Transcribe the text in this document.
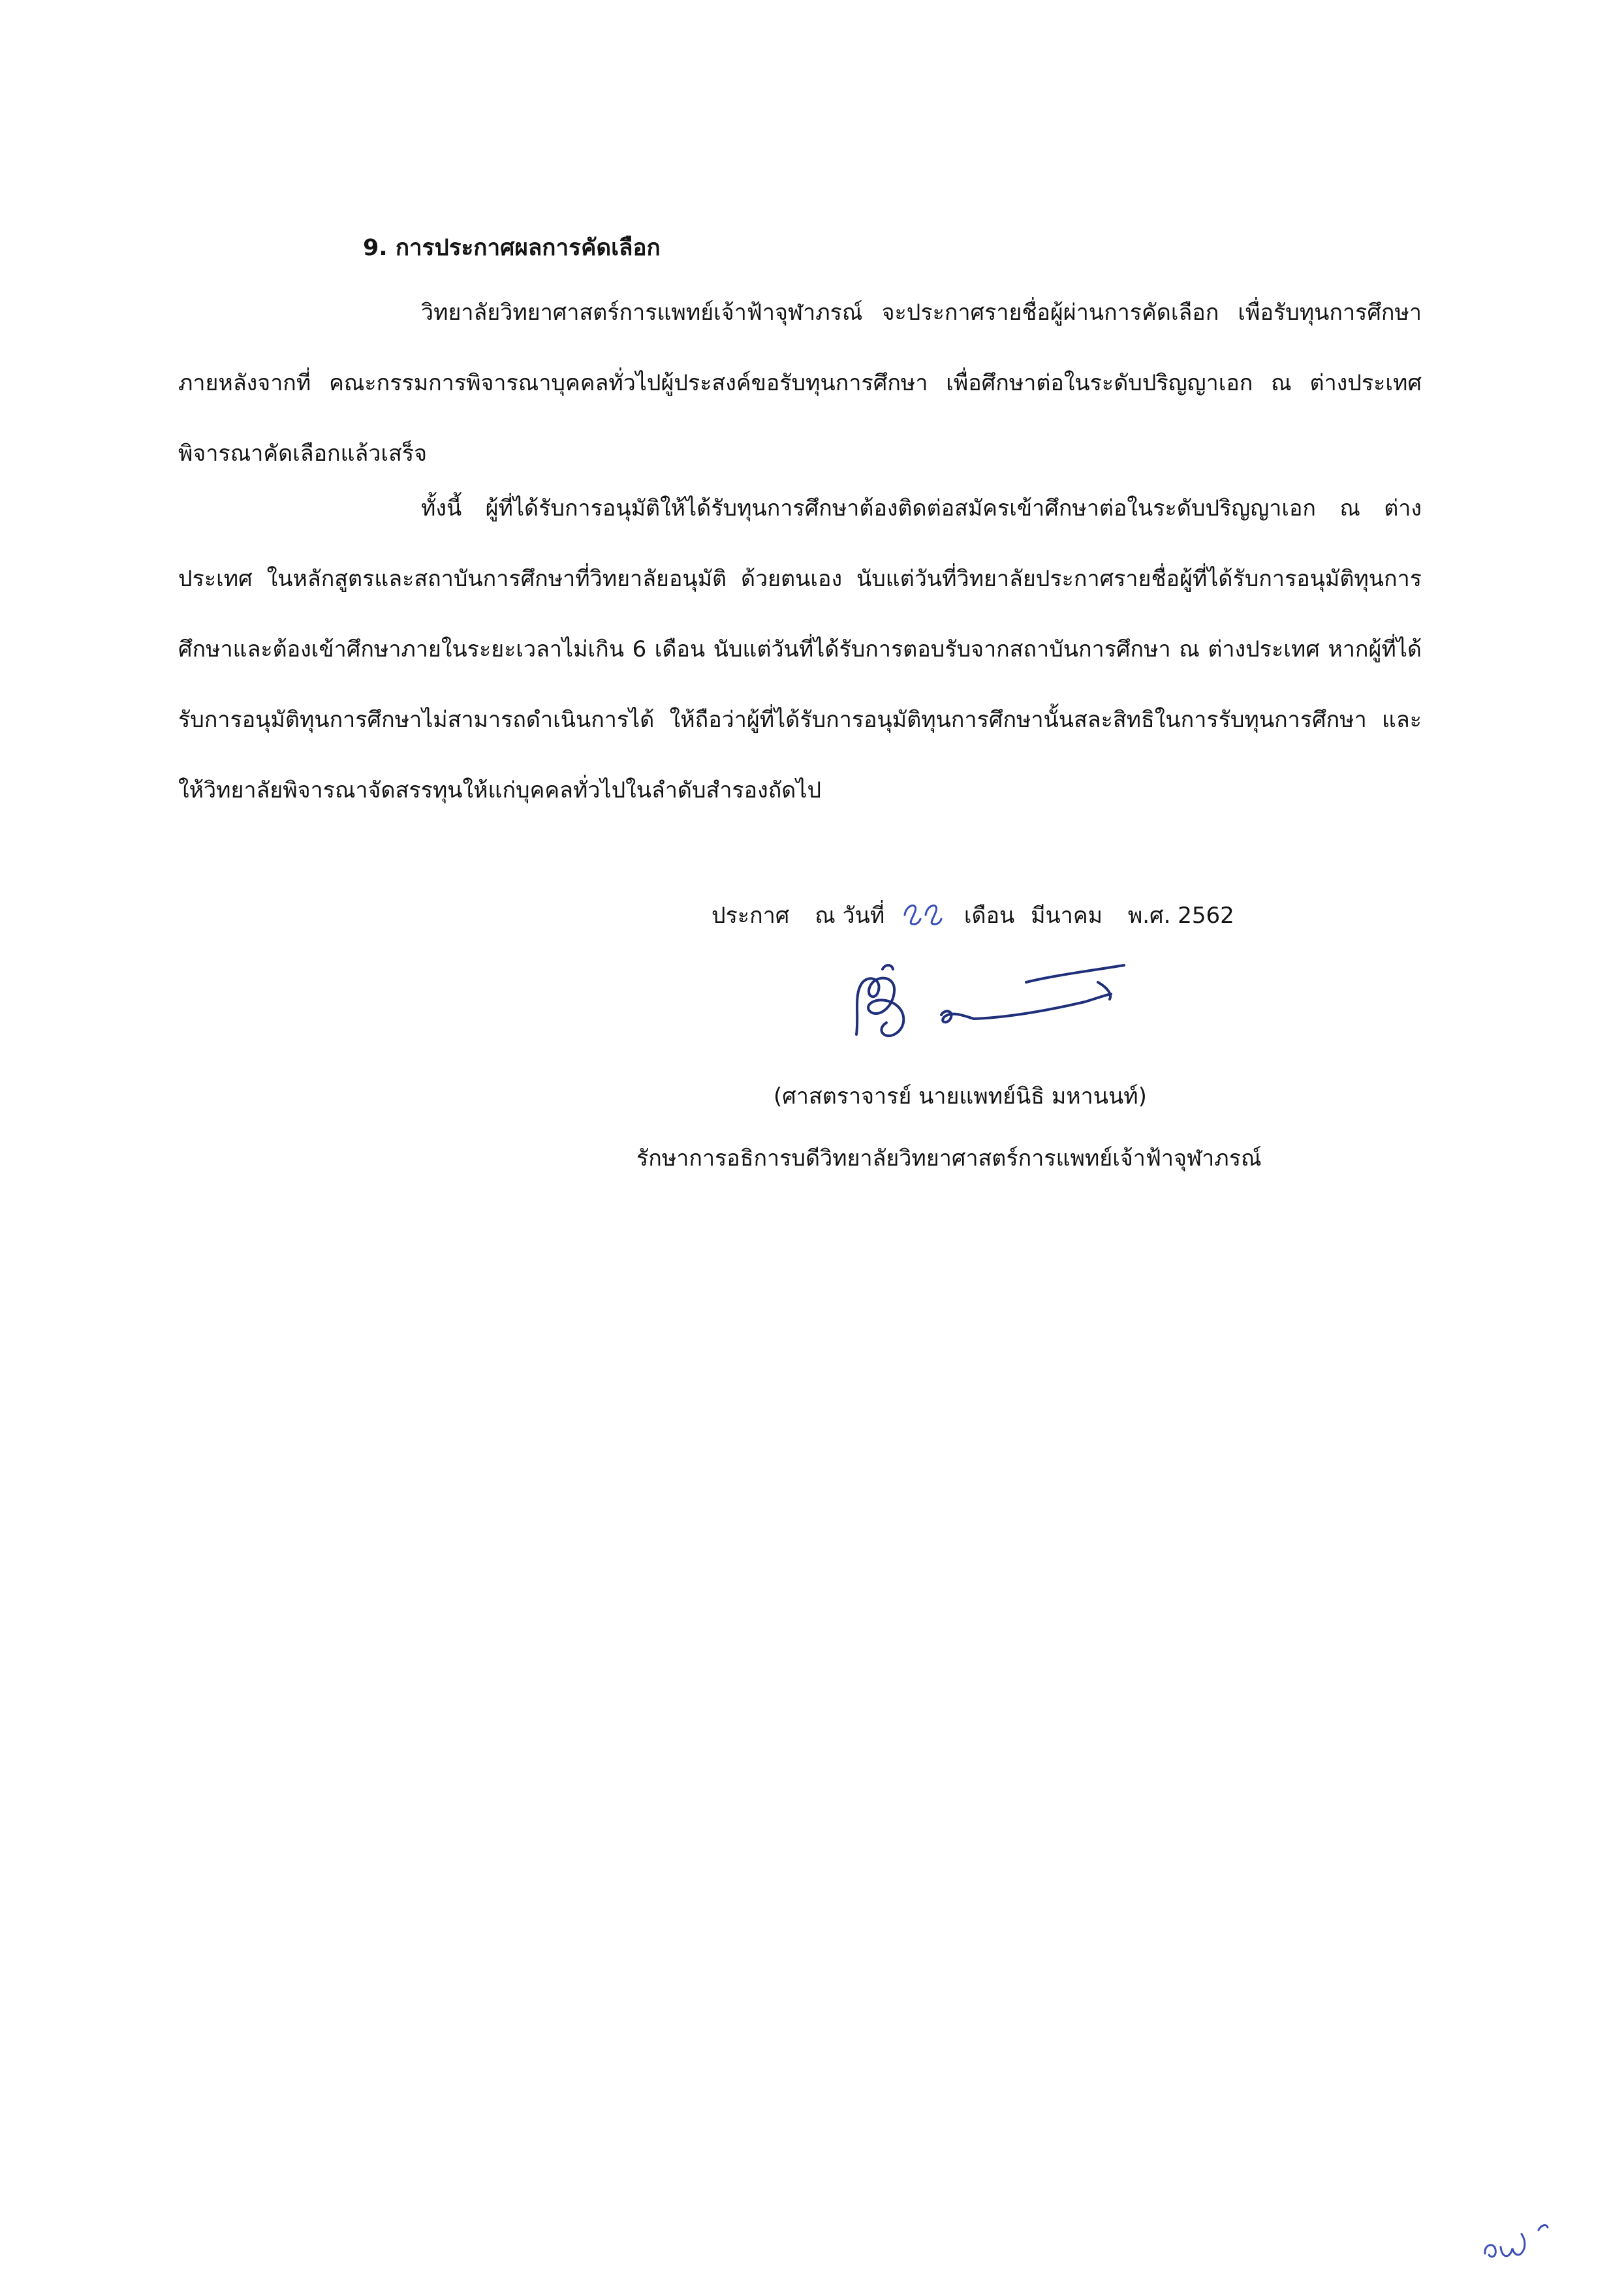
9. การประกาศผลการคัดเลือก
วิทยาลัยวิทยาศาสตร์การแพทย์เจ้าฟ้าจุฬาภรณ์ จะประกาศรายชื่อผู้ผ่านการคัดเลือก เพื่อรับทุนการศึกษาภายหลังจากที่ คณะกรรมการพิจารณาบุคคลทั่วไปผู้ประสงค์ขอรับทุนการศึกษา เพื่อศึกษาต่อในระดับปริญญาเอก ณ ต่างประเทศพิจารณาคัดเลือกแล้วเสร็จ
ทั้งนี้ ผู้ที่ได้รับการอนุมัติให้ได้รับทุนการศึกษาต้องติดต่อสมัครเข้าศึกษาต่อในระดับปริญญาเอก ณ ต่างประเทศ ในหลักสูตรและสถาบันการศึกษาที่วิทยาลัยอนุมัติ ด้วยตนเอง นับแต่วันที่วิทยาลัยประกาศรายชื่อผู้ที่ได้รับการอนุมัติทุนการศึกษาและต้องเข้าศึกษาภายในระยะเวลาไม่เกิน 6 เดือน นับแต่วันที่ได้รับการตอบรับจากสถาบันการศึกษา ณ ต่างประเทศ หากผู้ที่ได้รับการอนุมัติทุนการศึกษาไม่สามารถดำเนินการได้ ให้ถือว่าผู้ที่ได้รับการอนุมัติทุนการศึกษานั้นสละสิทธิในการรับทุนการศึกษา และให้วิทยาลัยพิจารณาจัดสรรทุนให้แก่บุคคลทั่วไปในลำดับสำรองถัดไป
ประกาศ ณ วันที่	เดือน มีนาคม พ.ศ. 2562
(ศาสตราจารย์ นายแพทย์นิธิ มหานนท์)
รักษาการอธิการบดีวิทยาลัยวิทยาศาสตร์การแพทย์เจ้าฟ้าจุฬาภรณ์
